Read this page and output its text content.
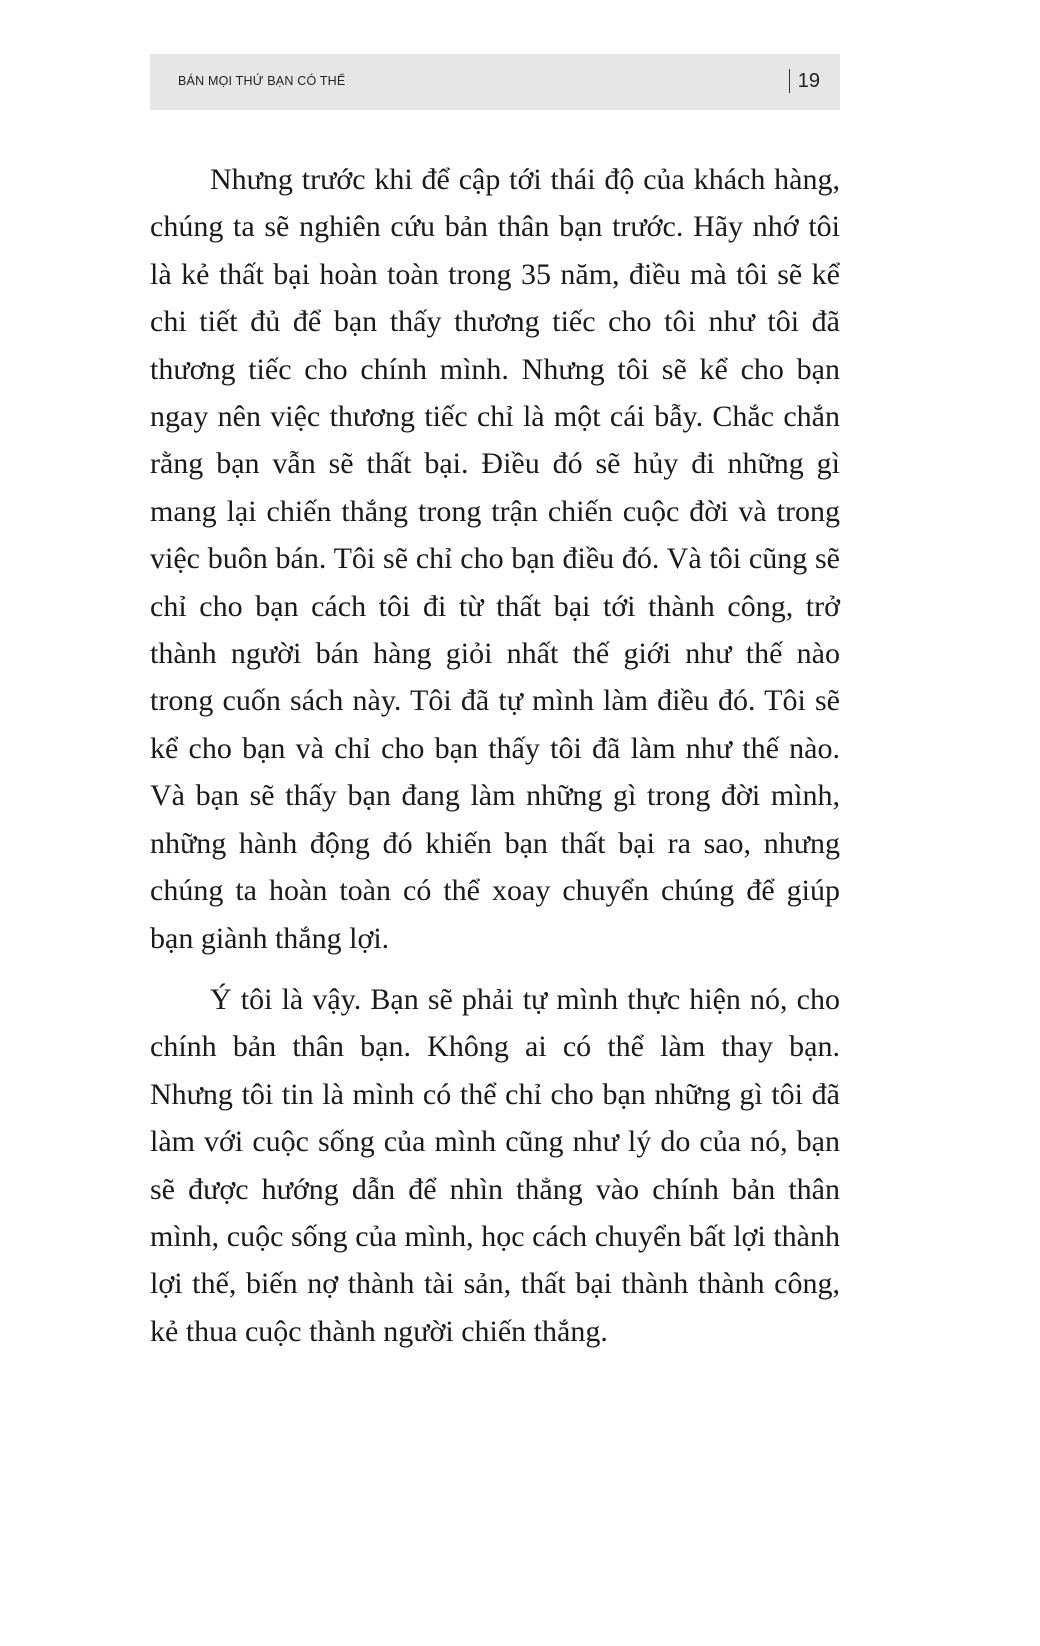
BÁN MỌI THỨ BẠN CÓ THỂ	19

Nhưng trước khi để cập tới thái độ của khách hàng, chúng ta sẽ nghiên cứu bản thân bạn trước. Hãy nhớ tôi là kẻ thất bại hoàn toàn trong 35 năm, điều mà tôi sẽ kể chi tiết đủ để bạn thấy thương tiếc cho tôi như tôi đã thương tiếc cho chính mình. Nhưng tôi sẽ kể cho bạn ngay nên việc thương tiếc chỉ là một cái bẫy. Chắc chắn rằng bạn vẫn sẽ thất bại. Điều đó sẽ hủy đi những gì mang lại chiến thắng trong trận chiến cuộc đời và trong việc buôn bán. Tôi sẽ chỉ cho bạn điều đó. Và tôi cũng sẽ chỉ cho bạn cách tôi đi từ thất bại tới thành công, trở thành người bán hàng giỏi nhất thế giới như thế nào trong cuốn sách này. Tôi đã tự mình làm điều đó. Tôi sẽ kể cho bạn và chỉ cho bạn thấy tôi đã làm như thế nào. Và bạn sẽ thấy bạn đang làm những gì trong đời mình, những hành động đó khiến bạn thất bại ra sao, nhưng chúng ta hoàn toàn có thể xoay chuyển chúng để giúp bạn giành thắng lợi.

Ý tôi là vậy. Bạn sẽ phải tự mình thực hiện nó, cho chính bản thân bạn. Không ai có thể làm thay bạn. Nhưng tôi tin là mình có thể chỉ cho bạn những gì tôi đã làm với cuộc sống của mình cũng như lý do của nó, bạn sẽ được hướng dẫn để nhìn thẳng vào chính bản thân mình, cuộc sống của mình, học cách chuyển bất lợi thành lợi thế, biến nợ thành tài sản, thất bại thành thành công, kẻ thua cuộc thành người chiến thắng.
